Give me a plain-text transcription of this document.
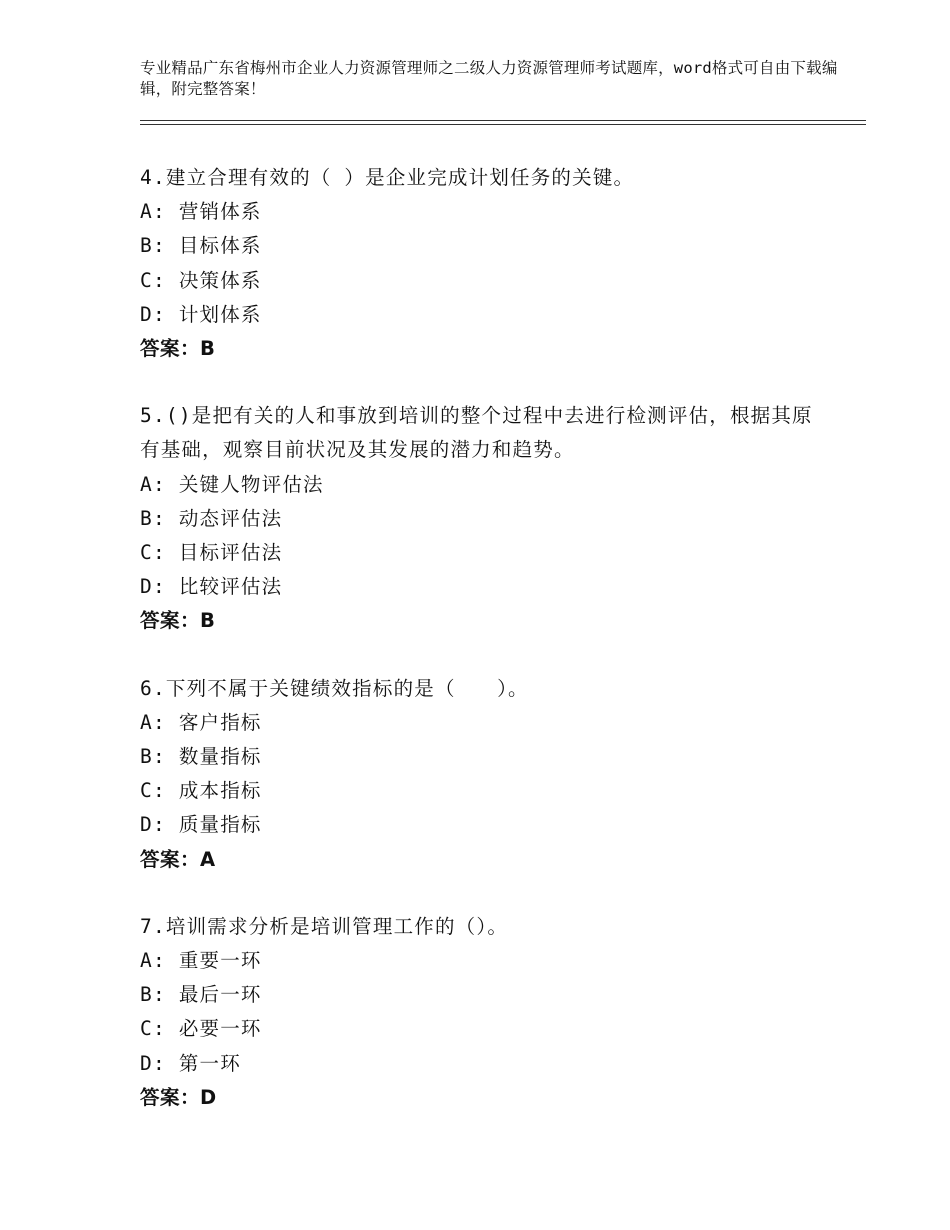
专业精品广东省梅州市企业人力资源管理师之二级人力资源管理师考试题库，word格式可自由下载编辑，附完整答案！
4.建立合理有效的（ ）是企业完成计划任务的关键。
A: 营销体系
B: 目标体系
C: 决策体系
D: 计划体系
答案：B
5.()是把有关的人和事放到培训的整个过程中去进行检测评估，根据其原有基础，观察目前状况及其发展的潜力和趋势。
A: 关键人物评估法
B: 动态评估法
C: 目标评估法
D: 比较评估法
答案：B
6.下列不属于关键绩效指标的是（　　）。
A: 客户指标
B: 数量指标
C: 成本指标
D: 质量指标
答案：A
7.培训需求分析是培训管理工作的（）。
A: 重要一环
B: 最后一环
C: 必要一环
D: 第一环
答案：D
